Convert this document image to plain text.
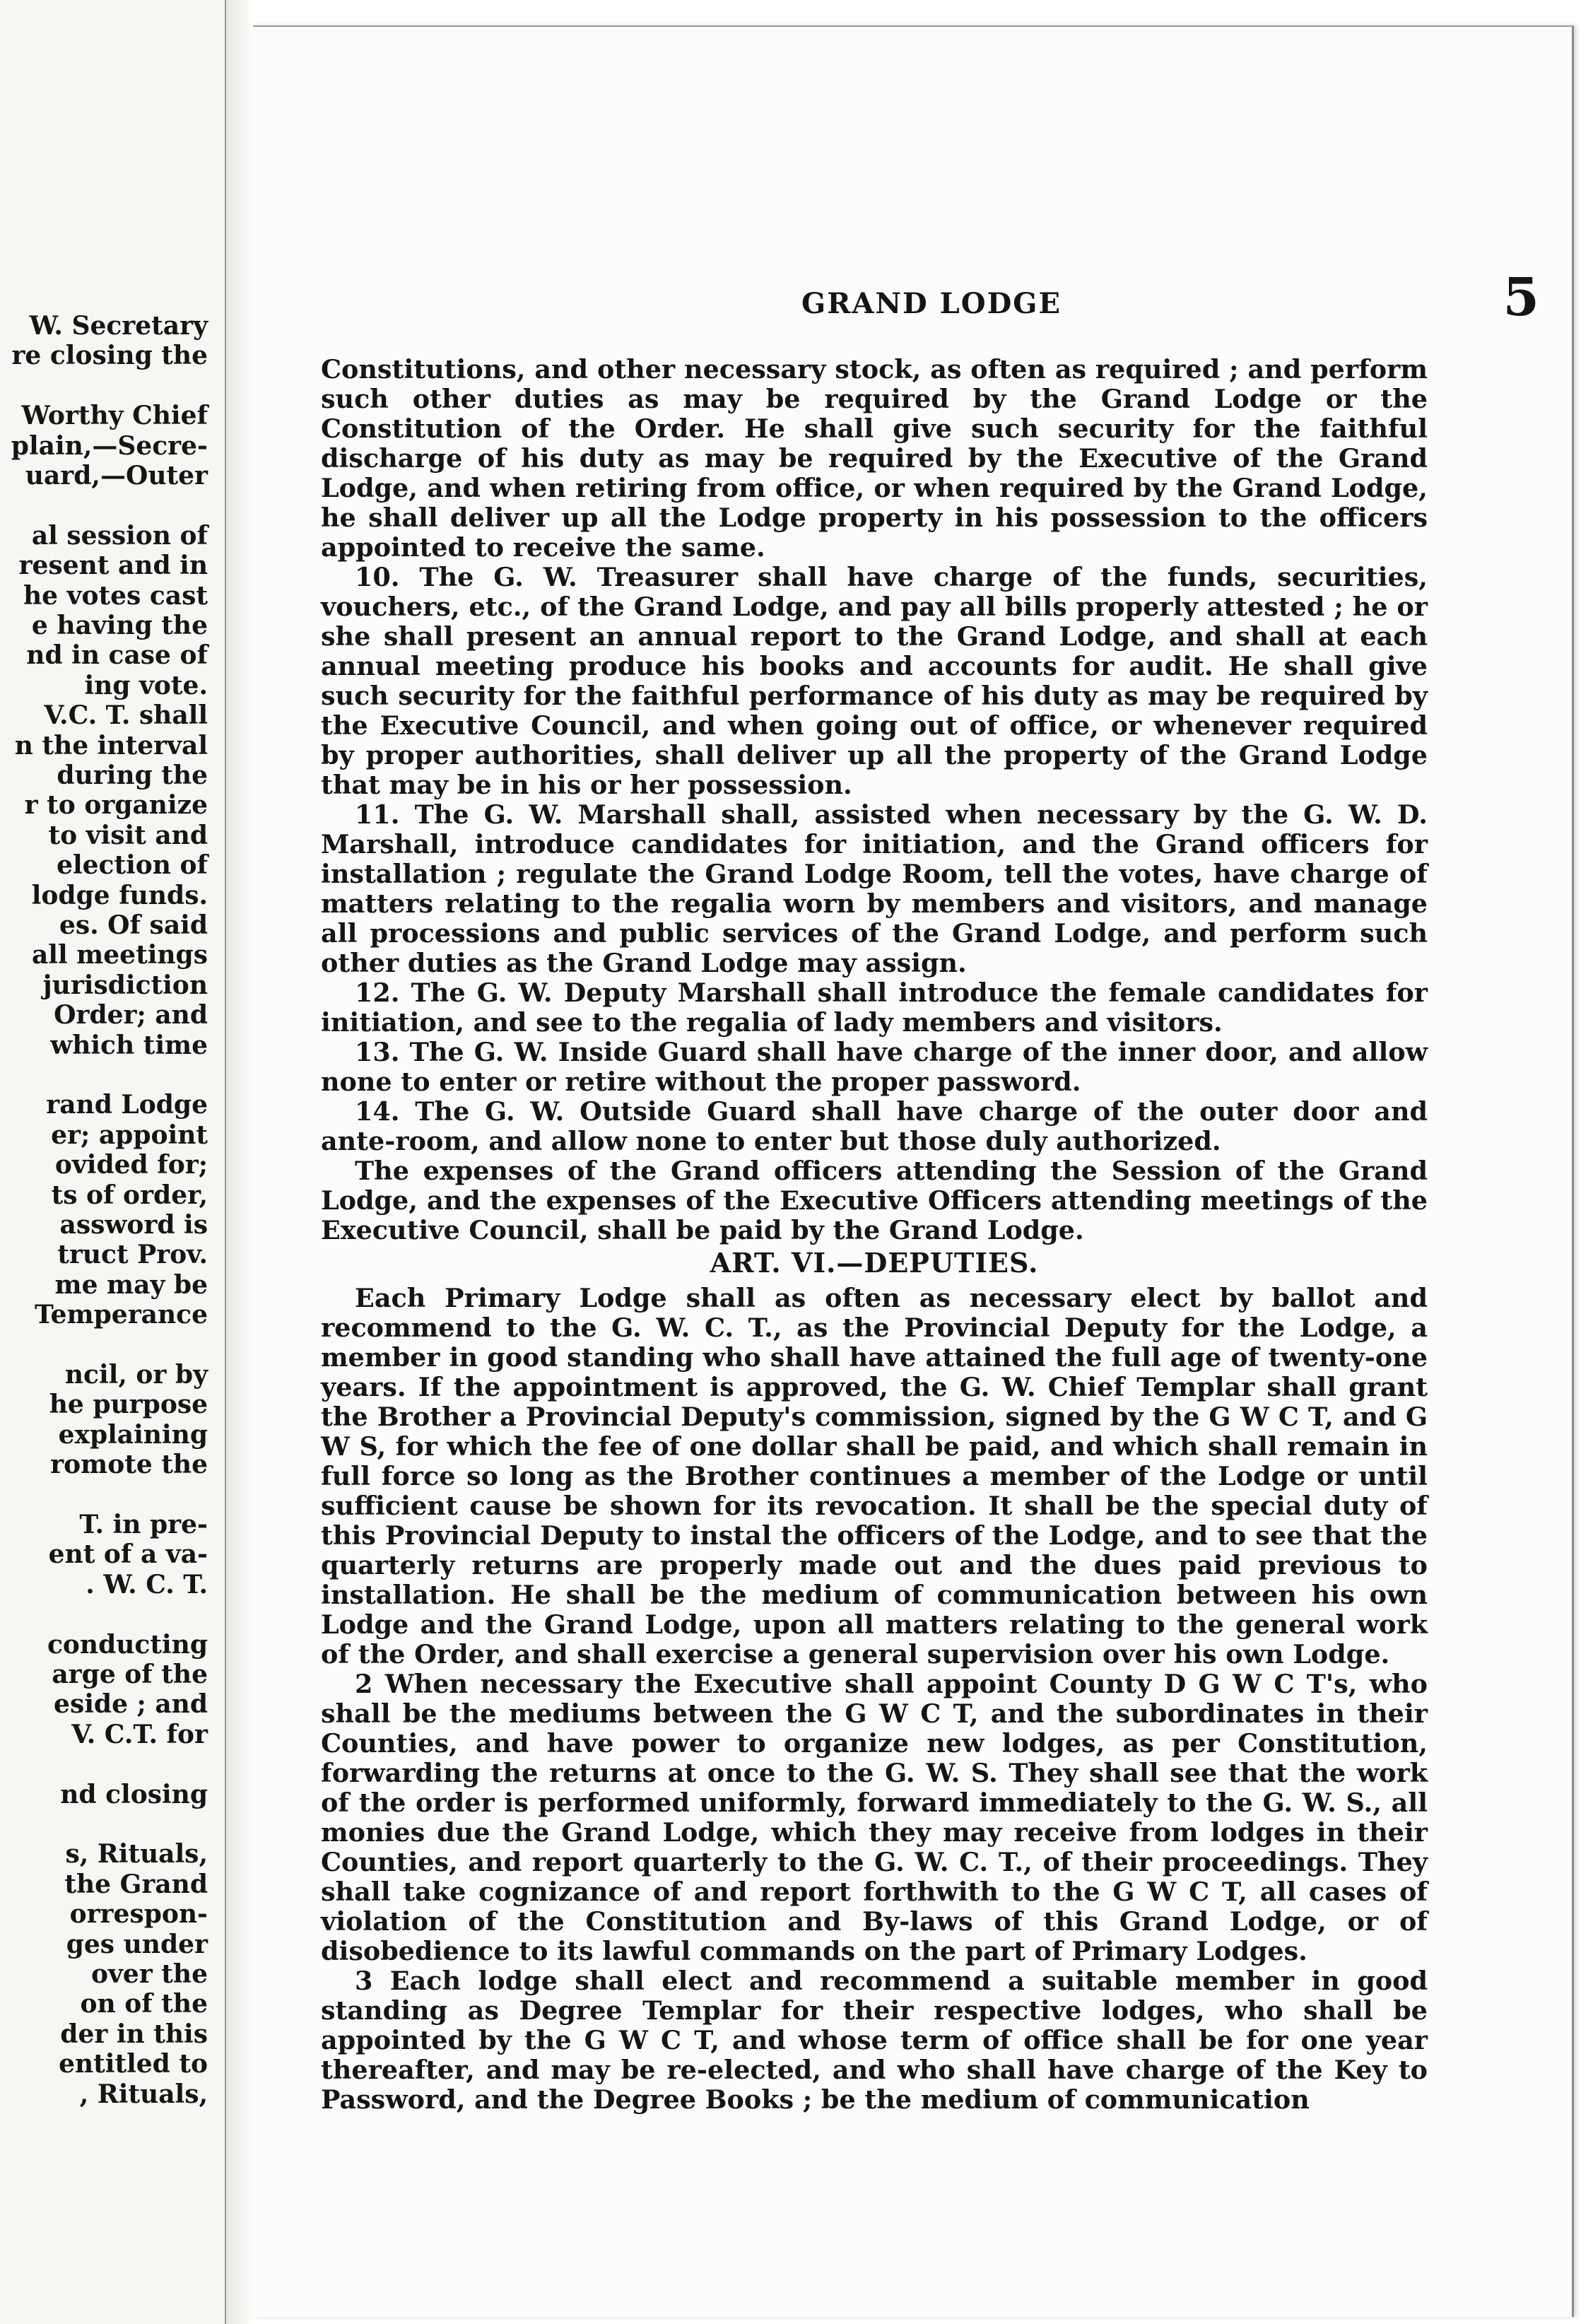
W. Secretary
re closing the
Worthy Chief
plain,—Secre-
uard,—Outer
al session of
resent and in
he votes cast
e having the
nd in case of
ing vote.
V.C. T. shall
n the interval
during the
r to organize
to visit and
election of
lodge funds.
es. Of said
all meetings
jurisdiction
Order; and
which time
rand Lodge
er; appoint
ovided for;
ts of order,
assword is
truct Prov.
me may be
Temperance
ncil, or by
he purpose
explaining
romote the
T. in pre-
ent of a va-
. W. C. T.
conducting
arge of the
eside ; and
V. C.T. for
nd closing
s, Rituals,
the Grand
orrespon-
ges under
over the
on of the
der in this
entitled to
, Rituals,
GRAND LODGE	5

Constitutions, and other necessary stock, as often as required ; and perform such other duties as may be required by the Grand Lodge or the Constitution of the Order. He shall give such security for the faithful discharge of his duty as may be required by the Executive of the Grand Lodge, and when retiring from office, or when required by the Grand Lodge, he shall deliver up all the Lodge property in his possession to the officers appointed to receive the same.

10. The G. W. Treasurer shall have charge of the funds, securities, vouchers, etc., of the Grand Lodge, and pay all bills properly attested ; he or she shall present an annual report to the Grand Lodge, and shall at each annual meeting produce his books and accounts for audit. He shall give such security for the faithful performance of his duty as may be required by the Executive Council, and when going out of office, or whenever required by proper authorities, shall deliver up all the property of the Grand Lodge that may be in his or her possession.

11. The G. W. Marshall shall, assisted when necessary by the G. W. D. Marshall, introduce candidates for initiation, and the Grand officers for installation ; regulate the Grand Lodge Room, tell the votes, have charge of matters relating to the regalia worn by members and visitors, and manage all processions and public services of the Grand Lodge, and perform such other duties as the Grand Lodge may assign.

12. The G. W. Deputy Marshall shall introduce the female candidates for initiation, and see to the regalia of lady members and visitors.

13. The G. W. Inside Guard shall have charge of the inner door, and allow none to enter or retire without the proper password.

14. The G. W. Outside Guard shall have charge of the outer door and ante-room, and allow none to enter but those duly authorized.

The expenses of the Grand officers attending the Session of the Grand Lodge, and the expenses of the Executive Officers attending meetings of the Executive Council, shall be paid by the Grand Lodge.

ART. VI.—DEPUTIES.

Each Primary Lodge shall as often as necessary elect by ballot and recommend to the G. W. C. T., as the Provincial Deputy for the Lodge, a member in good standing who shall have attained the full age of twenty-one years. If the appointment is approved, the G. W. Chief Templar shall grant the Brother a Provincial Deputy's commission, signed by the G W C T, and G W S, for which the fee of one dollar shall be paid, and which shall remain in full force so long as the Brother continues a member of the Lodge or until sufficient cause be shown for its revocation. It shall be the special duty of this Provincial Deputy to instal the officers of the Lodge, and to see that the quarterly returns are properly made out and the dues paid previous to installation. He shall be the medium of communication between his own Lodge and the Grand Lodge, upon all matters relating to the general work of the Order, and shall exercise a general supervision over his own Lodge.

2 When necessary the Executive shall appoint County D G W C T's, who shall be the mediums between the G W C T, and the subordinates in their Counties, and have power to organize new lodges, as per Constitution, forwarding the returns at once to the G. W. S. They shall see that the work of the order is performed uniformly, forward immediately to the G. W. S., all monies due the Grand Lodge, which they may receive from lodges in their Counties, and report quarterly to the G. W. C. T., of their proceedings. They shall take cognizance of and report forthwith to the G W C T, all cases of violation of the Constitution and By-laws of this Grand Lodge, or of disobedience to its lawful commands on the part of Primary Lodges.

3 Each lodge shall elect and recommend a suitable member in good standing as Degree Templar for their respective lodges, who shall be appointed by the G W C T, and whose term of office shall be for one year thereafter, and may be re-elected, and who shall have charge of the Key to Password, and the Degree Books ; be the medium of communication
